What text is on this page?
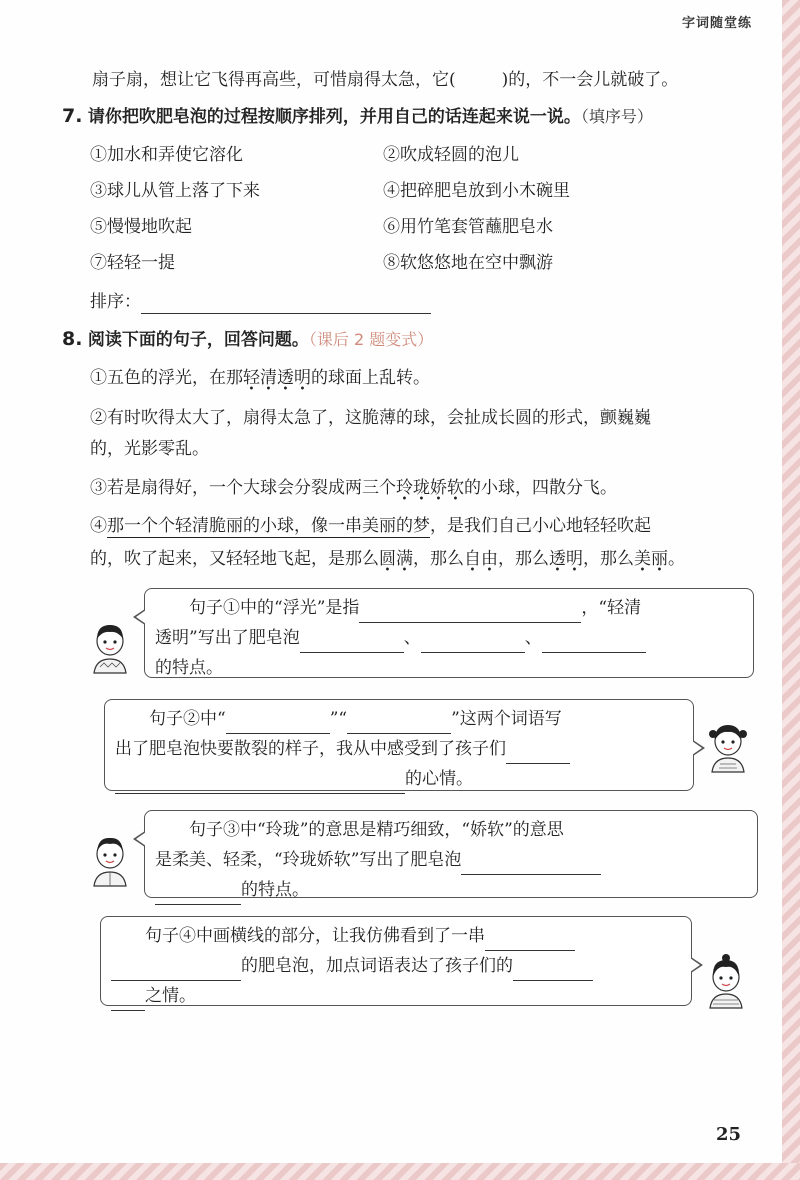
字词随堂练
扇子扇，想让它飞得再高些，可惜扇得太急，它(	)的，不一会儿就破了。
7. 请你把吹肥皂泡的过程按顺序排列，并用自己的话连起来说一说。（填序号）
①加水和弄使它溶化	②吹成轻圆的泡儿
③球儿从管上落了下来	④把碎肥皂放到小木碗里
⑤慢慢地吹起	⑥用竹笔套管蘸肥皂水
⑦轻轻一提	⑧软悠悠地在空中飘游
排序：
8. 阅读下面的句子，回答问题。（课后 2 题变式）
①五色的浮光，在那轻清透明的球面上乱转。
②有时吹得太大了，扇得太急了，这脆薄的球，会扯成长圆的形式，颤巍巍
的，光影零乱。
③若是扇得好，一个大球会分裂成两三个玲珑娇软的小球，四散分飞。
④那一个个轻清脆丽的小球，像一串美丽的梦，是我们自己小心地轻轻吹起
的，吹了起来，又轻轻地飞起，是那么圆满，那么自由，那么透明，那么美丽。
句子①中的“浮光”是指	，“轻清
透明”写出了肥皂泡	、	、
的特点。
句子②中“	”“	”这两个词语写
出了肥皂泡快要散裂的样子，我从中感受到了孩子们
的心情。
句子③中“玲珑”的意思是精巧细致，“娇软”的意思
是柔美、轻柔，“玲珑娇软”写出了肥皂泡
的特点。
句子④中画横线的部分，让我仿佛看到了一串
的肥皂泡，加点词语表达了孩子们的
之情。
25
